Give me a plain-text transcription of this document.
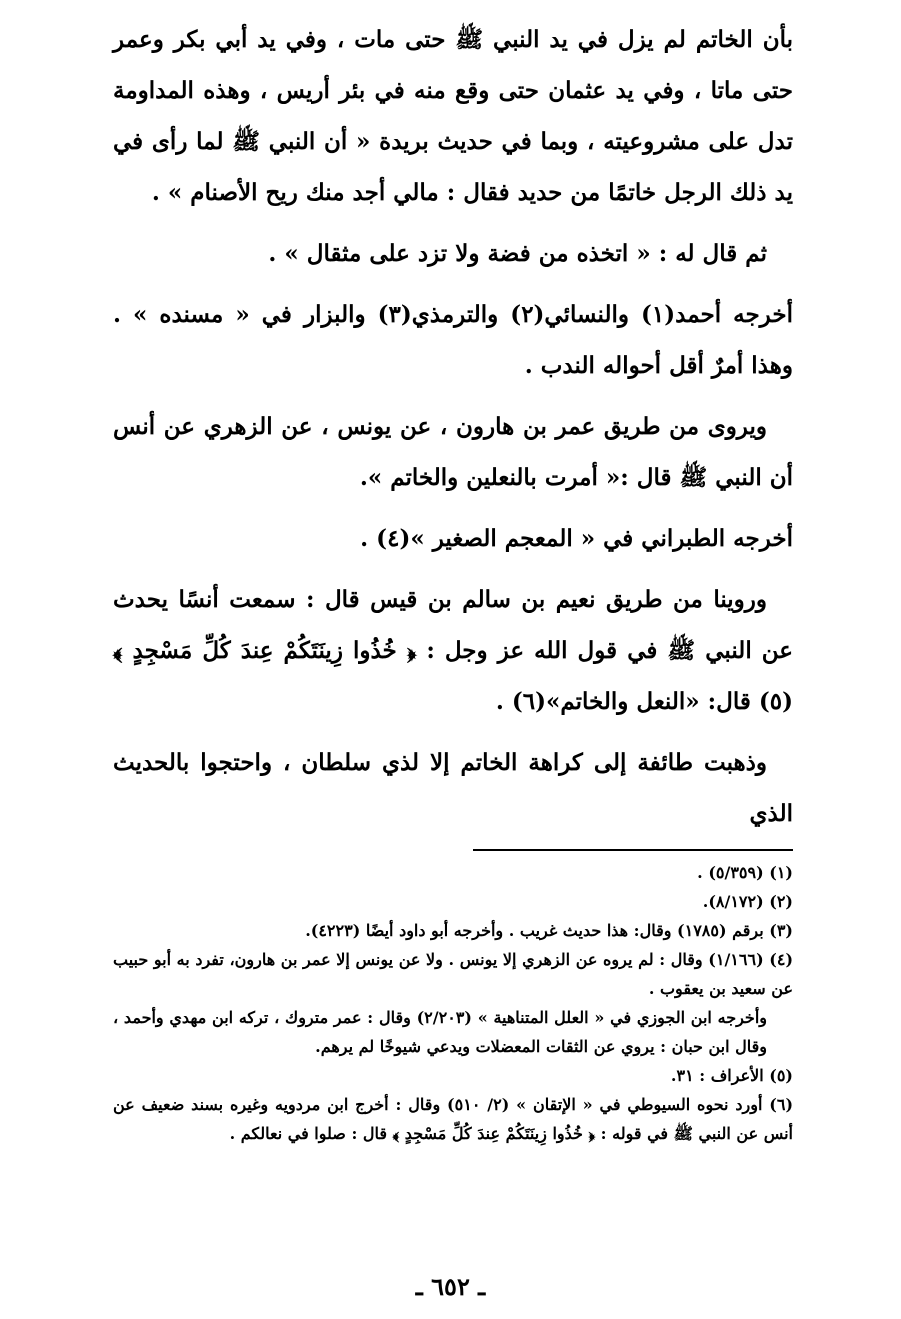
بأن الخاتم لم يزل في يد النبي ﷺ حتى مات ، وفي يد أبي بكر وعمر حتى ماتا ، وفي يد عثمان حتى وقع منه في بئر أريس ، وهذه المداومة تدل على مشروعيته ، وبما في حديث بريدة « أن النبي ﷺ لما رأى في يد ذلك الرجل خاتمًا من حديد فقال : مالي أجد منك ريح الأصنام » .

ثم قال له : « اتخذه من فضة ولا تزد على مثقال » .

أخرجه أحمد(١) والنسائي(٢) والترمذي(٣) والبزار في « مسنده » . وهذا أمرٌ أقل أحواله الندب .

ويروى من طريق عمر بن هارون ، عن يونس ، عن الزهري عن أنس أن النبي ﷺ قال :« أمرت بالنعلين والخاتم ».

أخرجه الطبراني في « المعجم الصغير »(٤) .

وروينا من طريق نعيم بن سالم بن قيس قال : سمعت أنسًا يحدث عن النبي ﷺ في قول الله عز وجل : ﴿ خُذُوا زِينَتَكُمْ عِندَ كُلِّ مَسْجِدٍ ﴾(٥) قال: «النعل والخاتم»(٦) .

وذهبت طائفة إلى كراهة الخاتم إلا لذي سلطان ، واحتجوا بالحديث الذي

(١) (٥/٣٥٩) .

(٢) (٨/١٧٢).

(٣) برقم (١٧٨٥) وقال: هذا حديث غريب . وأخرجه أبو داود أيضًا (٤٢٢٣).

(٤) (١/١٦٦) وقال : لم يروه عن الزهري إلا يونس . ولا عن يونس إلا عمر بن هارون، تفرد به أبو حبيب عن سعيد بن يعقوب .

وأخرجه ابن الجوزي في « العلل المتناهية » (٢/٢٠٣) وقال : عمر متروك ، تركه ابن مهدي وأحمد ، وقال ابن حبان : يروي عن الثقات المعضلات ويدعي شيوخًا لم يرهم.

(٥) الأعراف : ٣١.

(٦) أورد نحوه السيوطي في « الإتقان » (٢/ ٥١٠) وقال : أخرج ابن مردويه وغيره بسند ضعيف عن أنس عن النبي ﷺ في قوله : ﴿ خُذُوا زِينَتَكُمْ عِندَ كُلِّ مَسْجِدٍ ﴾ قال : صلوا في نعالكم .

ـ ٦٥٢ ـ
